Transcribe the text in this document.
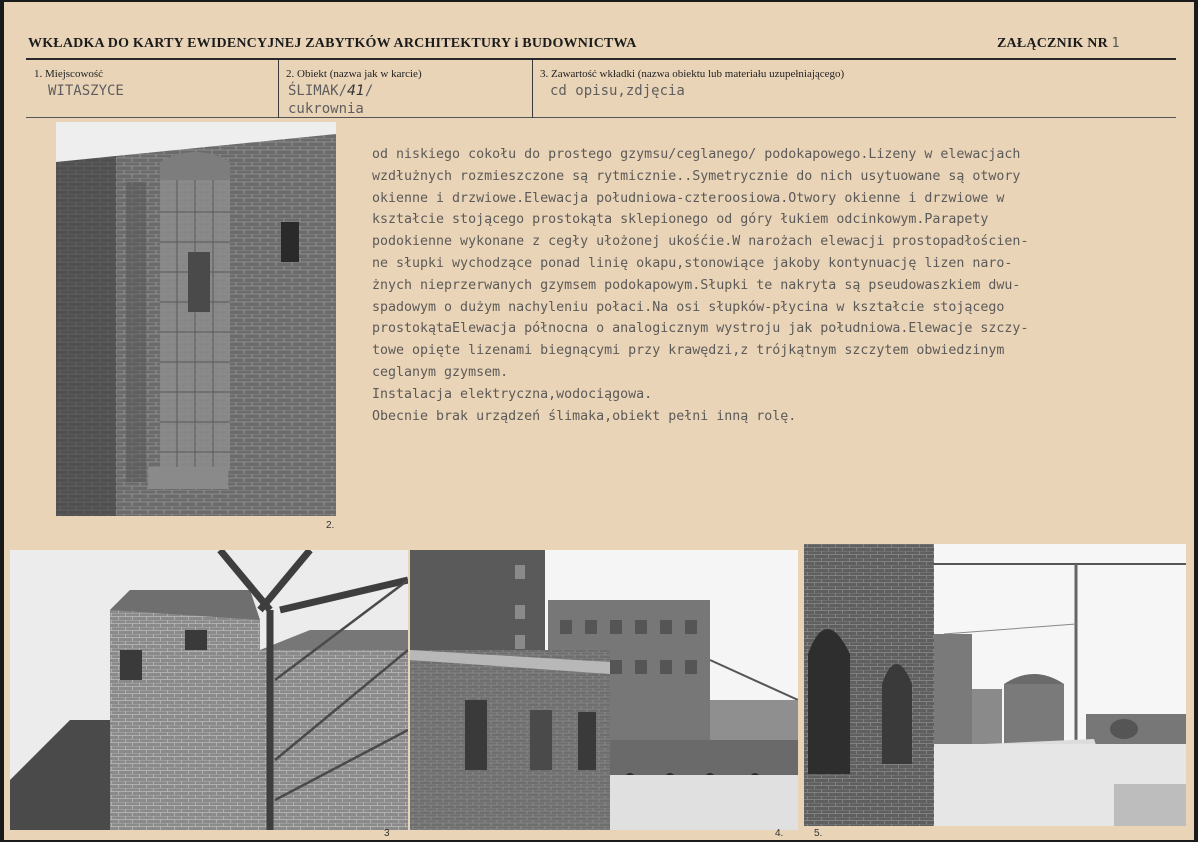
WKŁADKA DO KARTY EWIDENCYJNEJ ZABYTKÓW ARCHITEKTURY i BUDOWNICTWA	ZAŁĄCZNIK NR 1
1. Miejscowość
WITASZYCE
2. Obiekt (nazwa jak w karcie)
ŚLIMAK/41/
cukrownia
3. Zawartość wkładki (nazwa obiektu lub materiału uzupełniającego)
cd opisu,zdjęcia
od niskiego cokołu do prostego gzymsu/ceglanego/ podokapowego.Lizeny w elewacjach
wzdłużnych rozmieszczone są rytmicznie..Symetrycznie do nich usytuowane są otwory
okienne i drzwiowe.Elewacja południowa-czteroosiowa.Otwory okienne i drzwiowe w
kształcie stojącego prostokąta sklepionego od góry łukiem odcinkowym.Parapety
podokienne wykonane z cegły ułożonej ukośćie.W narożach elewacji prostopadłościen-
ne słupki wychodzące ponad linię okapu,stonowiące jakoby kontynuację lizen naro-
żnych nieprzerwanych gzymsem podokapowym.Słupki te nakryta są pseudowaszkiem dwu-
spadowym o dużym nachyleniu połaci.Na osi słupków-płycina w kształcie stojącego
prostokątaElewacja północna o analogicznym wystroju jak południowa.Elewacje szczy-
towe opięte lizenami biegnącymi przy krawędzi,z trójkątnym szczytem obwiedzinym
ceglanym gzymsem.
Instalacja elektryczna,wodociągowa.
Obecnie brak urządzeń ślimaka,obiekt pełni inną rolę.
2.
3	4.	5.
